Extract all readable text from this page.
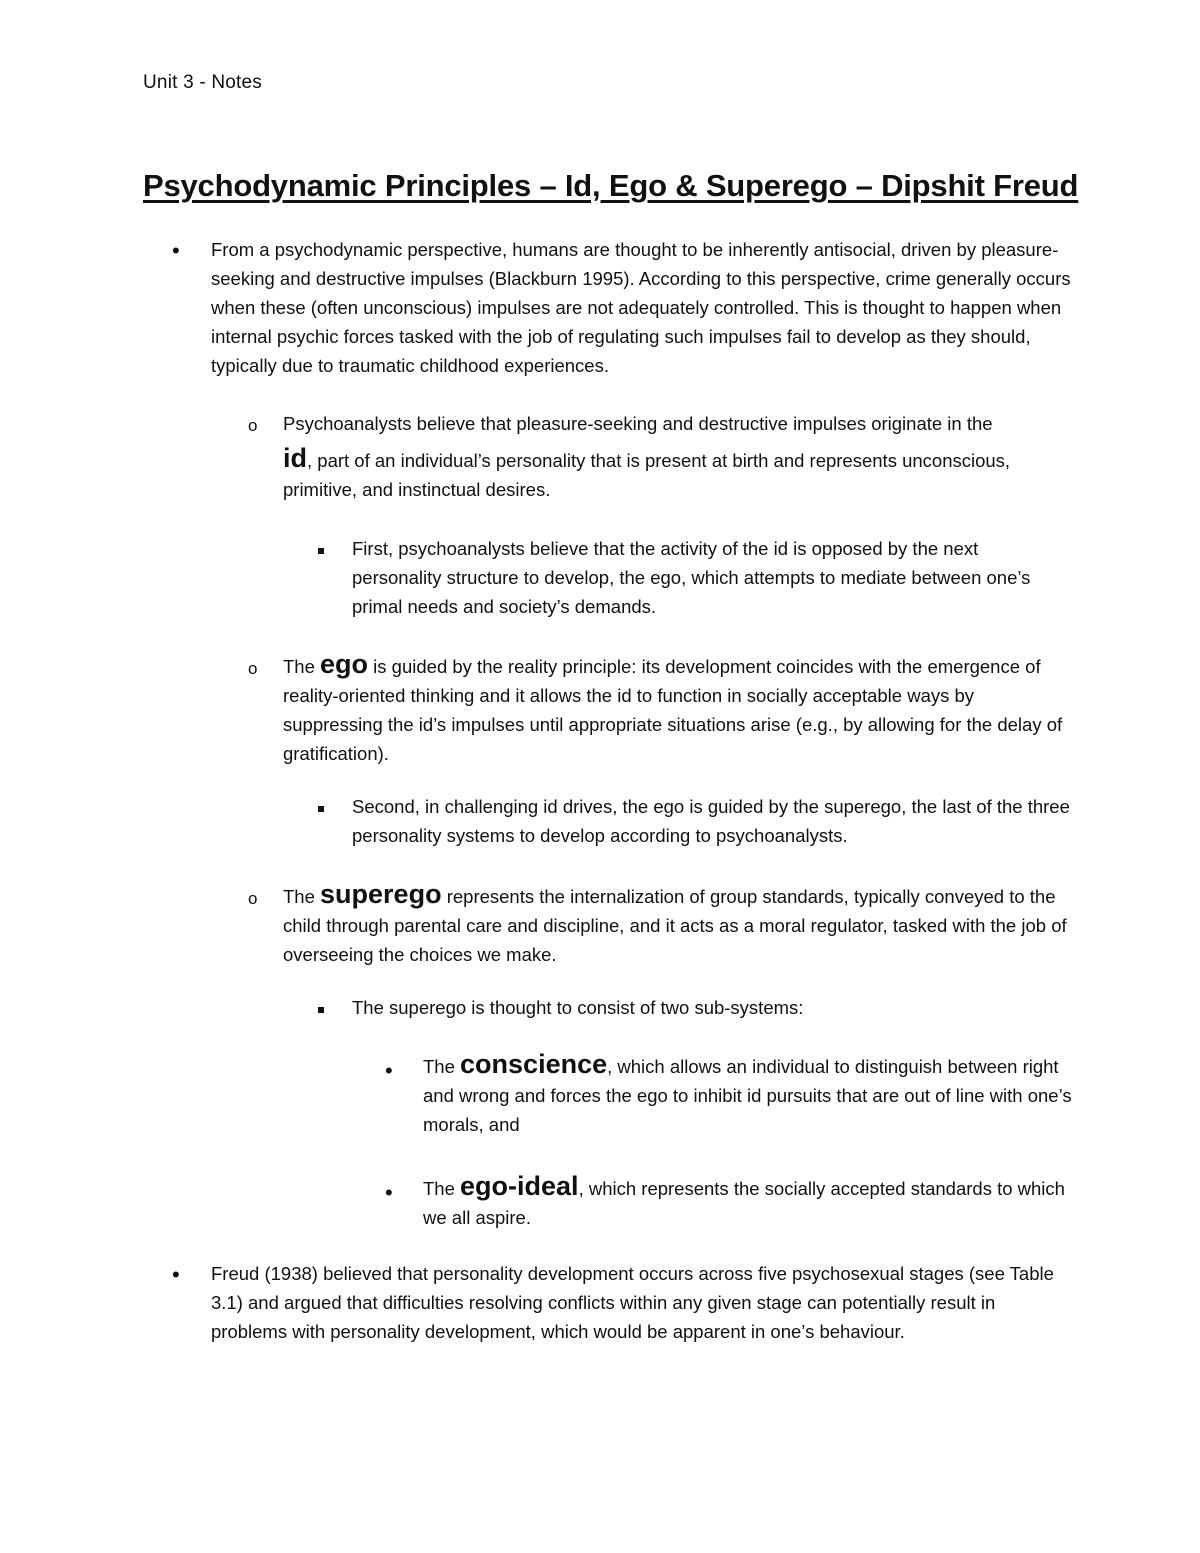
Unit 3 - Notes
Psychodynamic Principles – Id, Ego & Superego – Dipshit Freud
• From a psychodynamic perspective, humans are thought to be inherently antisocial, driven by pleasure-seeking and destructive impulses (Blackburn 1995). According to this perspective, crime generally occurs when these (often unconscious) impulses are not adequately controlled. This is thought to happen when internal psychic forces tasked with the job of regulating such impulses fail to develop as they should, typically due to traumatic childhood experiences.
o Psychoanalysts believe that pleasure-seeking and destructive impulses originate in the
id, part of an individual’s personality that is present at birth and represents unconscious, primitive, and instinctual desires.
First, psychoanalysts believe that the activity of the id is opposed by the next personality structure to develop, the ego, which attempts to mediate between one’s primal needs and society’s demands.
o The ego is guided by the reality principle: its development coincides with the emergence of reality-oriented thinking and it allows the id to function in socially acceptable ways by suppressing the id’s impulses until appropriate situations arise (e.g., by allowing for the delay of gratification).
Second, in challenging id drives, the ego is guided by the superego, the last of the three personality systems to develop according to psychoanalysts.
o The superego represents the internalization of group standards, typically conveyed to the child through parental care and discipline, and it acts as a moral regulator, tasked with the job of overseeing the choices we make.
The superego is thought to consist of two sub-systems:
• The conscience, which allows an individual to distinguish between right and wrong and forces the ego to inhibit id pursuits that are out of line with one’s morals, and
• The ego-ideal, which represents the socially accepted standards to which we all aspire.
• Freud (1938) believed that personality development occurs across five psychosexual stages (see Table 3.1) and argued that difficulties resolving conflicts within any given stage can potentially result in problems with personality development, which would be apparent in one’s behaviour.
